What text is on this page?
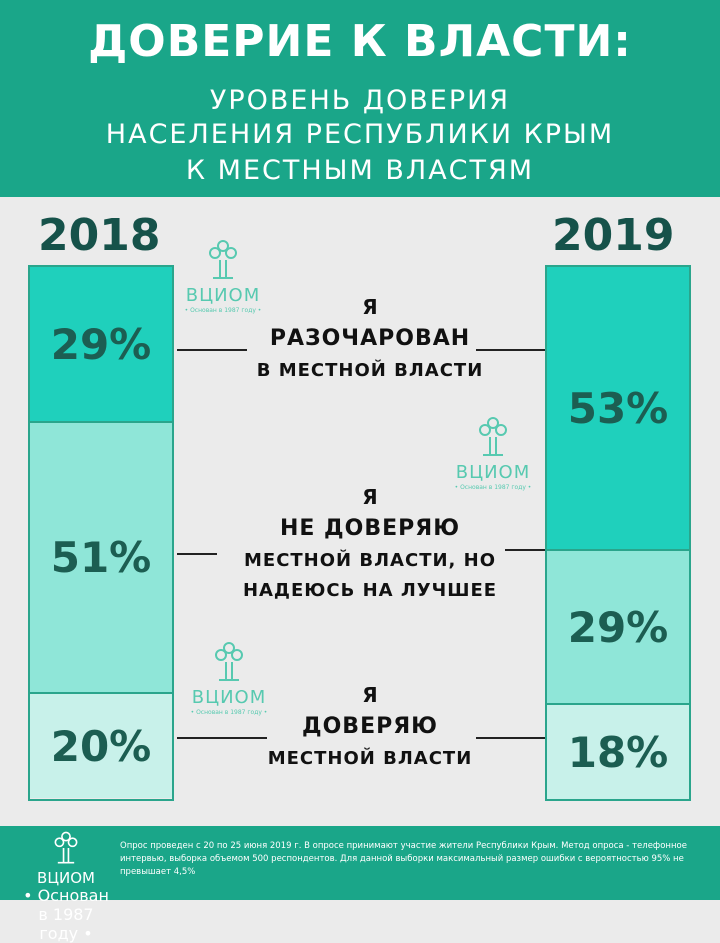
ДОВЕРИЕ К ВЛАСТИ:
УРОВЕНЬ ДОВЕРИЯ
НАСЕЛЕНИЯ РЕСПУБЛИКИ КРЫМ
К МЕСТНЫМ ВЛАСТЯМ
ВЦИОМ
• Основан в 1987 году •
ВЦИОМ
• Основан в 1987 году •
ВЦИОМ
• Основан в 1987 году •
2018	2019
29%
51%
20%
53%
29%
18%
Я
РАЗОЧАРОВАН
В МЕСТНОЙ ВЛАСТИ
Я
НЕ ДОВЕРЯЮ
МЕСТНОЙ ВЛАСТИ, НО
НАДЕЮСЬ НА ЛУЧШЕЕ
Я
ДОВЕРЯЮ
МЕСТНОЙ ВЛАСТИ
ВЦИОМ
• Основан в 1987 году •
Опрос проведен с 20 по 25 июня 2019 г. В опросе принимают участие жители Республики Крым. Метод опроса - телефонное интервью, выборка объемом 500 респондентов. Для данной выборки максимальный размер ошибки с вероятностью 95% не превышает 4,5%
